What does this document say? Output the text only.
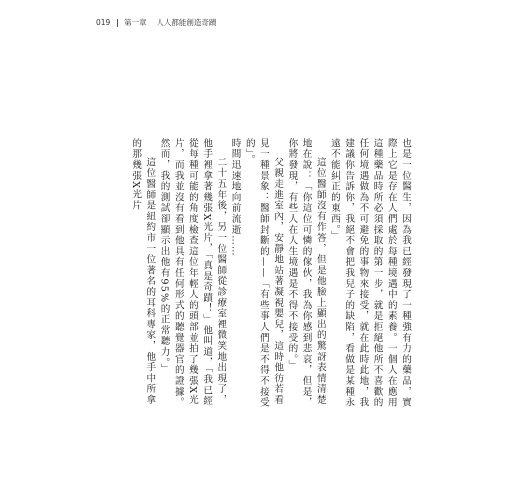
019 第一章 人人都能創造奇蹟

也是一位醫生，因為我已經發現了一種強有力的藥品，實際上它是存在人們處於每種境遇中的素養。一個人在應用這種藥品時所必須採取的第一步，就是拒絕他所不喜歡的任何境遇做為不可避免的事物來接受，就在此時此地，我建議你告訴你，我絕不會把我兒子的缺陷，看做是某種永遠不能糾正的東西。」

這位醫師沒有作答，但是他臉上顯出的驚訝表情清楚地在說：「你這位可憐的傢伙，我為你感到悲哀，但是，你將發現，有些人在人生境遇是不得不接受的。」

父親走進室內，安靜地站著凝視嬰兒，這時他彷若看見一種景象：醫師封斷的——「有些事人們是不得不接受的」。

時間迅速地向前流逝……

二十五年後，另一位醫師從診療室裡微笑地出現了，他手裡拿著幾張X光片，「真是奇蹟！」他叫道，「我已經從每種可能的角度檢查這位年輕人的頭部並拍了幾張X光片，而我並沒有看到他具有任何形式的聽覺器官的證據。然而，我的測試卻顯示出他有95%的正常聽力。」

這位醫師是紐約市一位著名的耳科專家，他手中所拿的那幾張X光片
